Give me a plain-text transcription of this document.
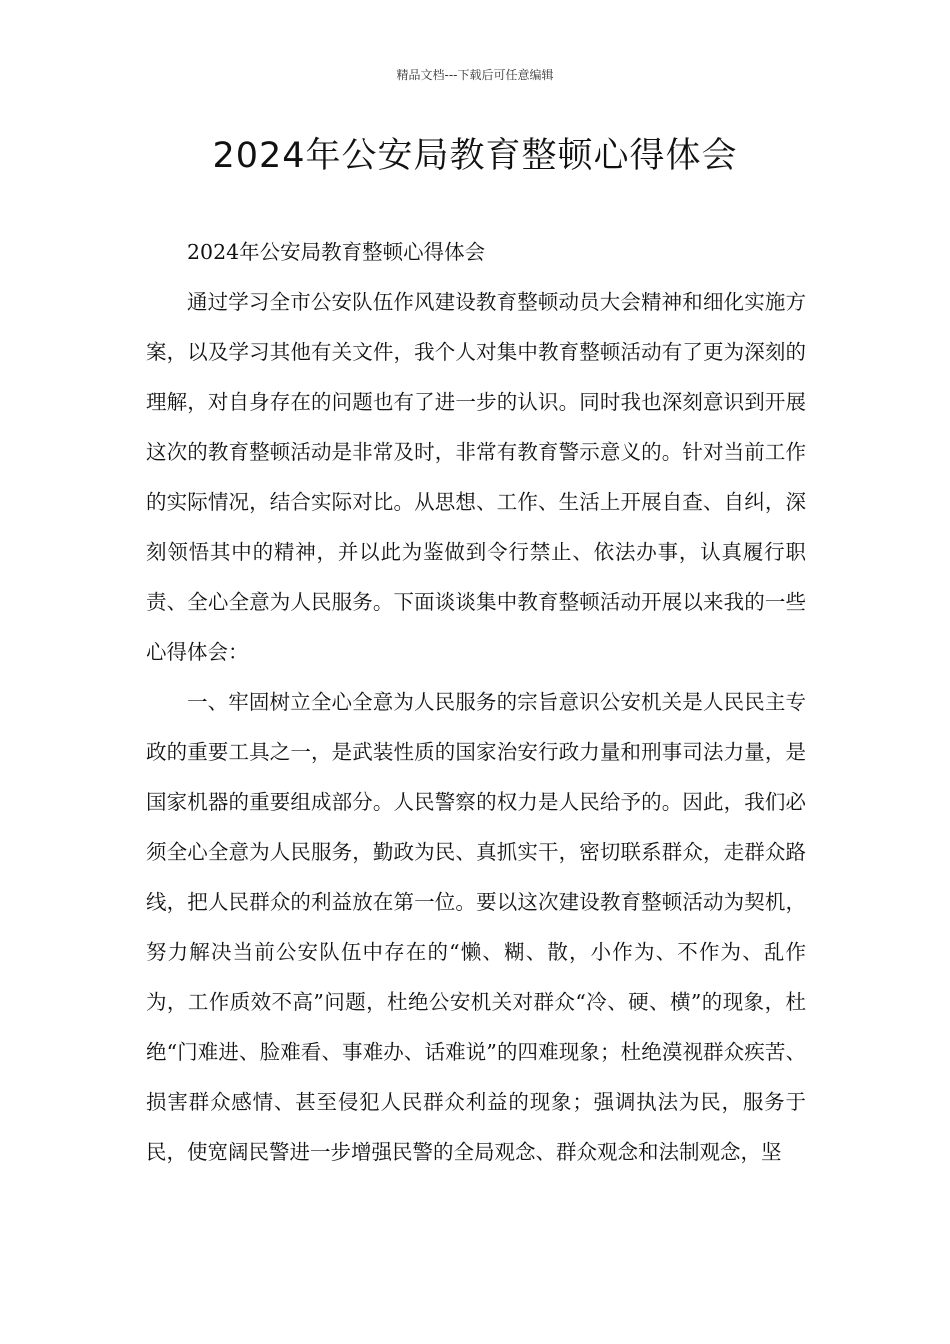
精品文档---下载后可任意编辑
2024年公安局教育整顿心得体会

2024年公安局教育整顿心得体会

通过学习全市公安队伍作风建设教育整顿动员大会精神和细化实施方案，以及学习其他有关文件，我个人对集中教育整顿活动有了更为深刻的理解，对自身存在的问题也有了进一步的认识。同时我也深刻意识到开展这次的教育整顿活动是非常及时，非常有教育警示意义的。针对当前工作的实际情况，结合实际对比。从思想、工作、生活上开展自查、自纠，深刻领悟其中的精神，并以此为鉴做到令行禁止、依法办事，认真履行职责、全心全意为人民服务。下面谈谈集中教育整顿活动开展以来我的一些心得体会：

一、牢固树立全心全意为人民服务的宗旨意识公安机关是人民民主专政的重要工具之一，是武装性质的国家治安行政力量和刑事司法力量，是国家机器的重要组成部分。人民警察的权力是人民给予的。因此，我们必须全心全意为人民服务，勤政为民、真抓实干，密切联系群众，走群众路线，把人民群众的利益放在第一位。要以这次建设教育整顿活动为契机，努力解决当前公安队伍中存在的“懒、糊、散，小作为、不作为、乱作为，工作质效不高”问题，杜绝公安机关对群众“冷、硬、横”的现象，杜绝“门难进、脸难看、事难办、话难说”的四难现象；杜绝漠视群众疾苦、损害群众感情、甚至侵犯人民群众利益的现象；强调执法为民，服务于民，使宽阔民警进一步增强民警的全局观念、群众观念和法制观念，坚
